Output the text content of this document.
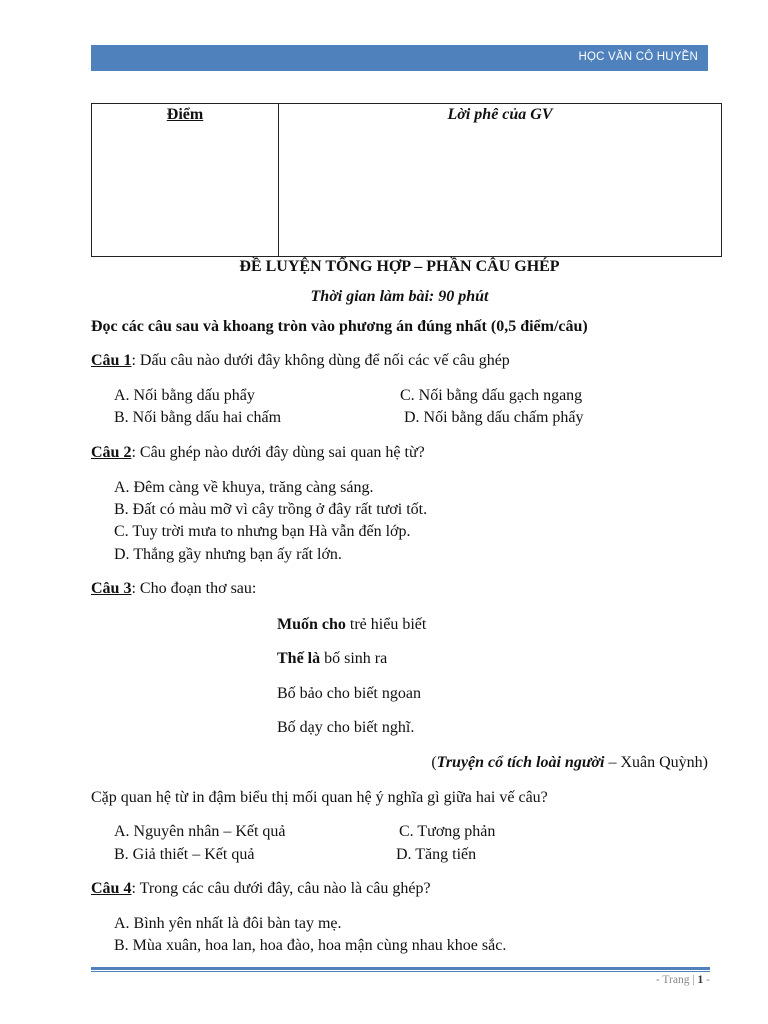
HỌC VĂN CÔ HUYỀN
Điểm	Lời phê của GV
ĐỀ LUYỆN TỔNG HỢP – PHẦN CÂU GHÉP
Thời gian làm bài: 90 phút
Đọc các câu sau và khoang tròn vào phương án đúng nhất (0,5 điểm/câu)
Câu 1: Dấu câu nào dưới đây không dùng để nối các vế câu ghép
A. Nối bằng dấu phẩy
B. Nối bằng dấu hai chấm
C. Nối bằng dấu gạch ngang
D. Nối bằng dấu chấm phẩy
Câu 2: Câu ghép nào dưới đây dùng sai quan hệ từ?
A. Đêm càng về khuya, trăng càng sáng.
B. Đất có màu mỡ vì cây trồng ở đây rất tươi tốt.
C. Tuy trời mưa to nhưng bạn Hà vẫn đến lớp.
D. Thắng gầy nhưng bạn ấy rất lớn.
Câu 3: Cho đoạn thơ sau:
Muốn cho trẻ hiểu biết
Thế là bố sinh ra
Bố bảo cho biết ngoan
Bố dạy cho biết nghĩ.
(Truyện cổ tích loài người – Xuân Quỳnh)
Cặp quan hệ từ in đậm biểu thị mối quan hệ ý nghĩa gì giữa hai vế câu?
A. Nguyên nhân – Kết quả
B. Giả thiết – Kết quả
C. Tương phản
D. Tăng tiến
Câu 4: Trong các câu dưới đây, câu nào là câu ghép?
A. Bình yên nhất là đôi bàn tay mẹ.
B. Mùa xuân, hoa lan, hoa đào, hoa mận cùng nhau khoe sắc.
- Trang | 1 -
